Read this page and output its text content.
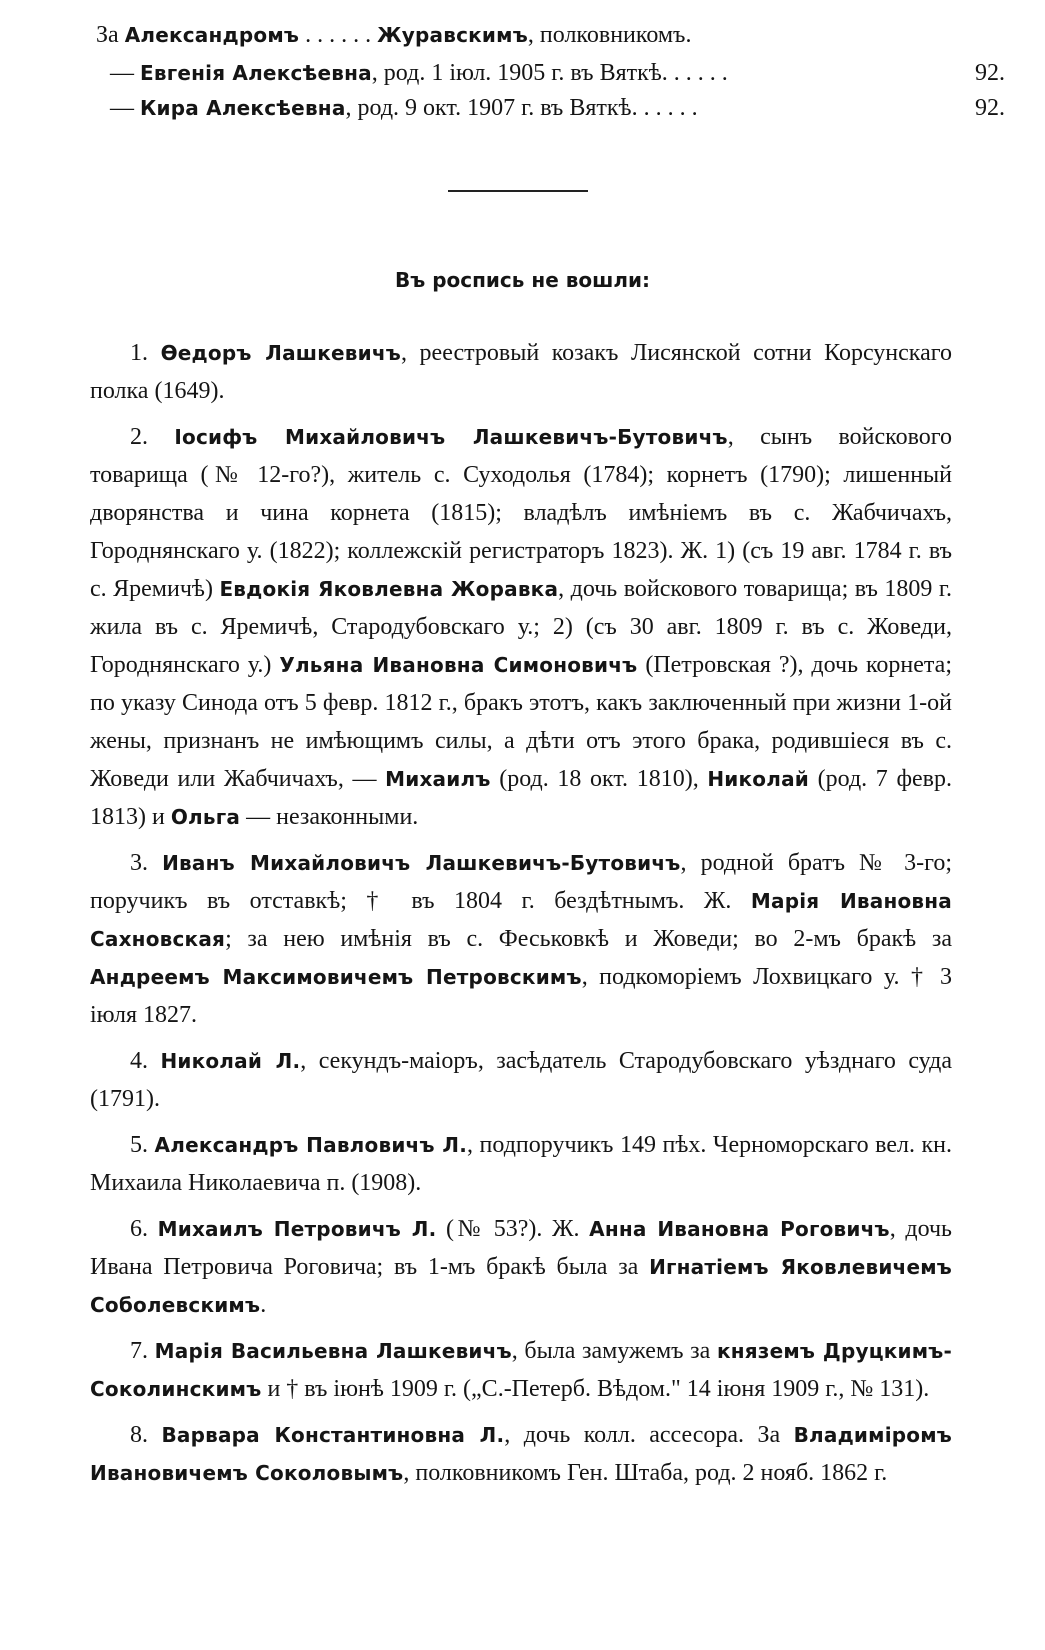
За Александромъ . . . . . . Журавскимъ, полковникомъ.
— Евгенія Алексѣевна, род. 1 іюл. 1905 г. въ Вяткѣ. . . . . .	92.
— Кира Алексѣевна, род. 9 окт. 1907 г. въ Вяткѣ. . . . . .	92.
Въ роспись не вошли:

1. Ѳедоръ Лашкевичъ, реестровый козакъ Лисянской сотни Корсунскаго полка (1649).

2. Іосифъ Михайловичъ Лашкевичъ-Бутовичъ, сынъ войскового товарища (№ 12-го?), житель с. Суходолья (1784); корнетъ (1790); лишенный дворянства и чина корнета (1815); владѣлъ имѣніемъ въ с. Жабчичахъ, Городнянскаго у. (1822); коллежскій регистраторъ 1823). Ж. 1) (съ 19 авг. 1784 г. въ с. Яремичѣ) Евдокія Яковлевна Жоравка, дочь войскового товарища; въ 1809 г. жила въ с. Яремичѣ, Стародубовскаго у.; 2) (съ 30 авг. 1809 г. въ с. Жоведи, Городнянскаго у.) Ульяна Ивановна Симоновичъ (Петровская ?), дочь корнета; по указу Синода отъ 5 февр. 1812 г., бракъ этотъ, какъ заключенный при жизни 1-ой жены, признанъ не имѣющимъ силы, а дѣти отъ этого брака, родившіеся въ с. Жоведи или Жабчичахъ, — Михаилъ (род. 18 окт. 1810), Николай (род. 7 февр. 1813) и Ольга — незаконными.

3. Иванъ Михайловичъ Лашкевичъ-Бутовичъ, родной братъ № 3-го; поручикъ въ отставкѣ; † въ 1804 г. бездѣтнымъ. Ж. Марія Ивановна Сахновская; за нею имѣнія въ с. Феськовкѣ и Жоведи; во 2-мъ бракѣ за Андреемъ Максимовичемъ Петровскимъ, подкоморіемъ Лохвицкаго у. † 3 іюля 1827.

4. Николай Л., секундъ-маіоръ, засѣдатель Стародубовскаго уѣзднаго суда (1791).

5. Александръ Павловичъ Л., подпоручикъ 149 пѣх. Черноморскаго вел. кн. Михаила Николаевича п. (1908).

6. Михаилъ Петровичъ Л. (№ 53?). Ж. Анна Ивановна Роговичъ, дочь Ивана Петровича Роговича; въ 1-мъ бракѣ была за Игнатіемъ Яковлевичемъ Соболевскимъ.

7. Марія Васильевна Лашкевичъ, была замужемъ за княземъ Друцкимъ-Соколинскимъ и † въ іюнѣ 1909 г. („С.-Петерб. Вѣдом." 14 іюня 1909 г., № 131).

8. Варвара Константиновна Л., дочь колл. ассесора. За Владиміромъ Ивановичемъ Соколовымъ, полковникомъ Ген. Штаба, род. 2 нояб. 1862 г.
